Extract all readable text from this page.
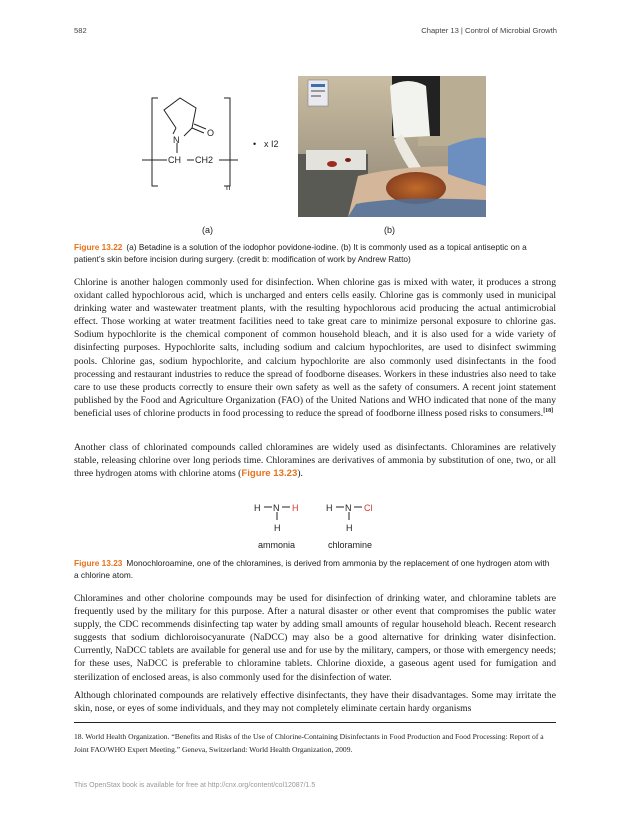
582	Chapter 13 | Control of Microbial Growth
N
O
CH CH2
n
• x I2
(a)	(b)
Figure 13.22 (a) Betadine is a solution of the iodophor povidone-iodine. (b) It is commonly used as a topical antiseptic on a patient’s skin before incision during surgery. (credit b: modification of work by Andrew Ratto)

Chlorine is another halogen commonly used for disinfection. When chlorine gas is mixed with water, it produces a strong oxidant called hypochlorous acid, which is uncharged and enters cells easily. Chlorine gas is commonly used in municipal drinking water and wastewater treatment plants, with the resulting hypochlorous acid producing the actual antimicrobial effect. Those working at water treatment facilities need to take great care to minimize personal exposure to chlorine gas. Sodium hypochlorite is the chemical component of common household bleach, and it is also used for a wide variety of disinfecting purposes. Hypochlorite salts, including sodium and calcium hypochlorites, are used to disinfect swimming pools. Chlorine gas, sodium hypochlorite, and calcium hypochlorite are also commonly used disinfectants in the food processing and restaurant industries to reduce the spread of foodborne diseases. Workers in these industries also need to take care to use these products correctly to ensure their own safety as well as the safety of consumers. A recent joint statement published by the Food and Agriculture Organization (FAO) of the United Nations and WHO indicated that none of the many beneficial uses of chlorine products in food processing to reduce the spread of foodborne illness posed risks to consumers.[18]

Another class of chlorinated compounds called chloramines are widely used as disinfectants. Chloramines are relatively stable, releasing chlorine over long periods time. Chloramines are derivatives of ammonia by substitution of one, two, or all three hydrogen atoms with chlorine atoms (Figure 13.23).

H N H
H
ammonia
H N Cl
H
chloramine
Figure 13.23 Monochloroamine, one of the chloramines, is derived from ammonia by the replacement of one hydrogen atom with a chlorine atom.

Chloramines and other cholorine compounds may be used for disinfection of drinking water, and chloramine tablets are frequently used by the military for this purpose. After a natural disaster or other event that compromises the public water supply, the CDC recommends disinfecting tap water by adding small amounts of regular household bleach. Recent research suggests that sodium dichloroisocyanurate (NaDCC) may also be a good alternative for drinking water disinfection. Currently, NaDCC tablets are available for general use and for use by the military, campers, or those with emergency needs; for these uses, NaDCC is preferable to chloramine tablets. Chlorine dioxide, a gaseous agent used for fumigation and sterilization of enclosed areas, is also commonly used for the disinfection of water.

Although chlorinated compounds are relatively effective disinfectants, they have their disadvantages. Some may irritate the skin, nose, or eyes of some individuals, and they may not completely eliminate certain hardy organisms

18. World Health Organization. “Benefits and Risks of the Use of Chlorine-Containing Disinfectants in Food Production and Food Processing: Report of a Joint FAO/WHO Expert Meeting.” Geneva, Switzerland: World Health Organization, 2009.
This OpenStax book is available for free at http://cnx.org/content/col12087/1.5
